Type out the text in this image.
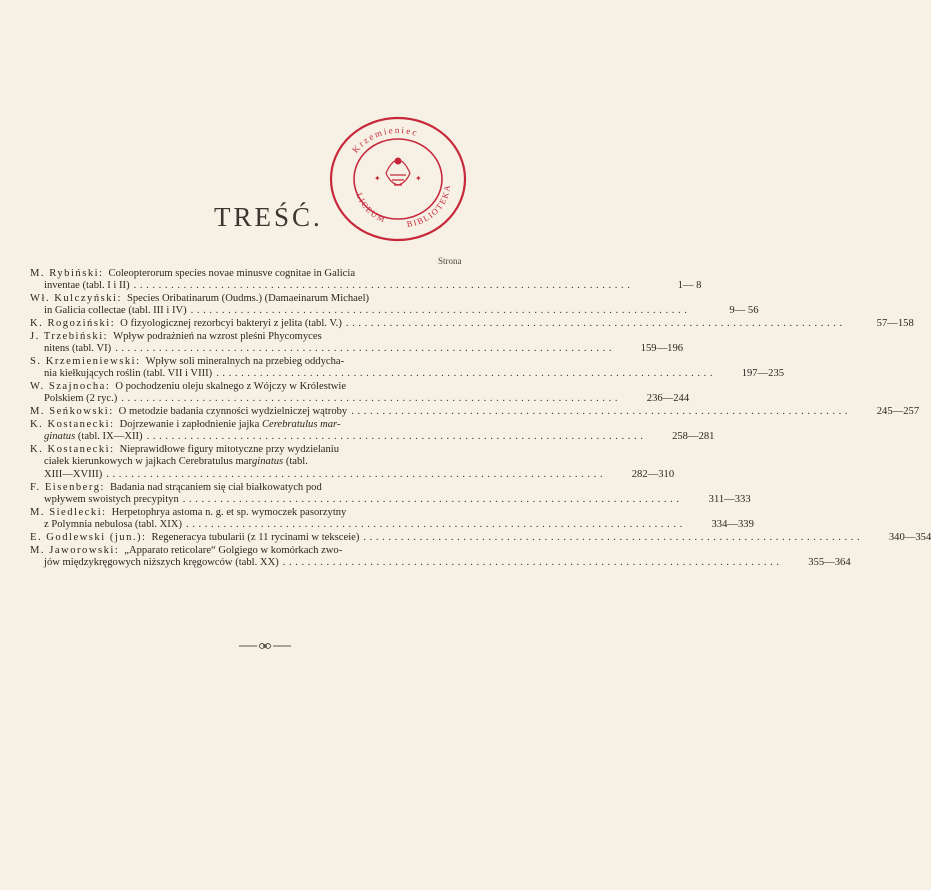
✦	✦
Krzemieniec
LICEUM BIBLIOTEKA
TREŚĆ.
Strona
M. Rybiński: Coleopterorum species novae minusve cognitae in Galicia
inventae (tabl. I i II) ................................................................................	1— 8
Wł. Kulczyński: Species Oribatinarum (Oudms.) (Damaeinarum Michael)
in Galicia collectae (tabl. III i IV) ................................................................................	9— 56
K. Rogoziński: O fizyologicznej rezorbcyi bakteryi z jelita (tabl. V.) ................................................................................	57—158
J. Trzebiński: Wpływ podrażnień na wzrost pleśni Phycomyces
nitens (tabl. VI) ................................................................................	159—196
S. Krzemieniewski: Wpływ soli mineralnych na przebieg oddycha-
nia kiełkujących roślin (tabl. VII i VIII) ................................................................................	197—235
W. Szajnocha: O pochodzeniu oleju skalnego z Wójczy w Królestwie
Polskiem (2 ryc.) ................................................................................	236—244
M. Seńkowski: O metodzie badania czynności wydzielniczej wątroby ................................................................................	245—257
K. Kostanecki: Dojrzewanie i zapłodnienie jajka Cerebratulus mar-
ginatus (tabl. IX—XII) ................................................................................	258—281
K. Kostanecki: Nieprawidłowe figury mitotyczne przy wydzielaniu
ciałek kierunkowych w jajkach Cerebratulus marginatus (tabl.
XIII—XVIII) ................................................................................	282—310
F. Eisenberg: Badania nad strącaniem się ciał białkowatych pod
wpływem swoistych precypityn ................................................................................	311—333
M. Siedlecki: Herpetophrya astoma n. g. et sp. wymoczek pasorzytny
z Polymnia nebulosa (tabl. XIX) ................................................................................	334—339
E. Godlewski (jun.): Regeneracya tubularii (z 11 rycinami w teksceie) ................................................................................	340—354
M. Jaworowski: „Apparato reticolare“ Golgiego w komórkach zwo-
jów międzykręgowych niższych kręgowców (tabl. XX) ................................................................................	355—364
